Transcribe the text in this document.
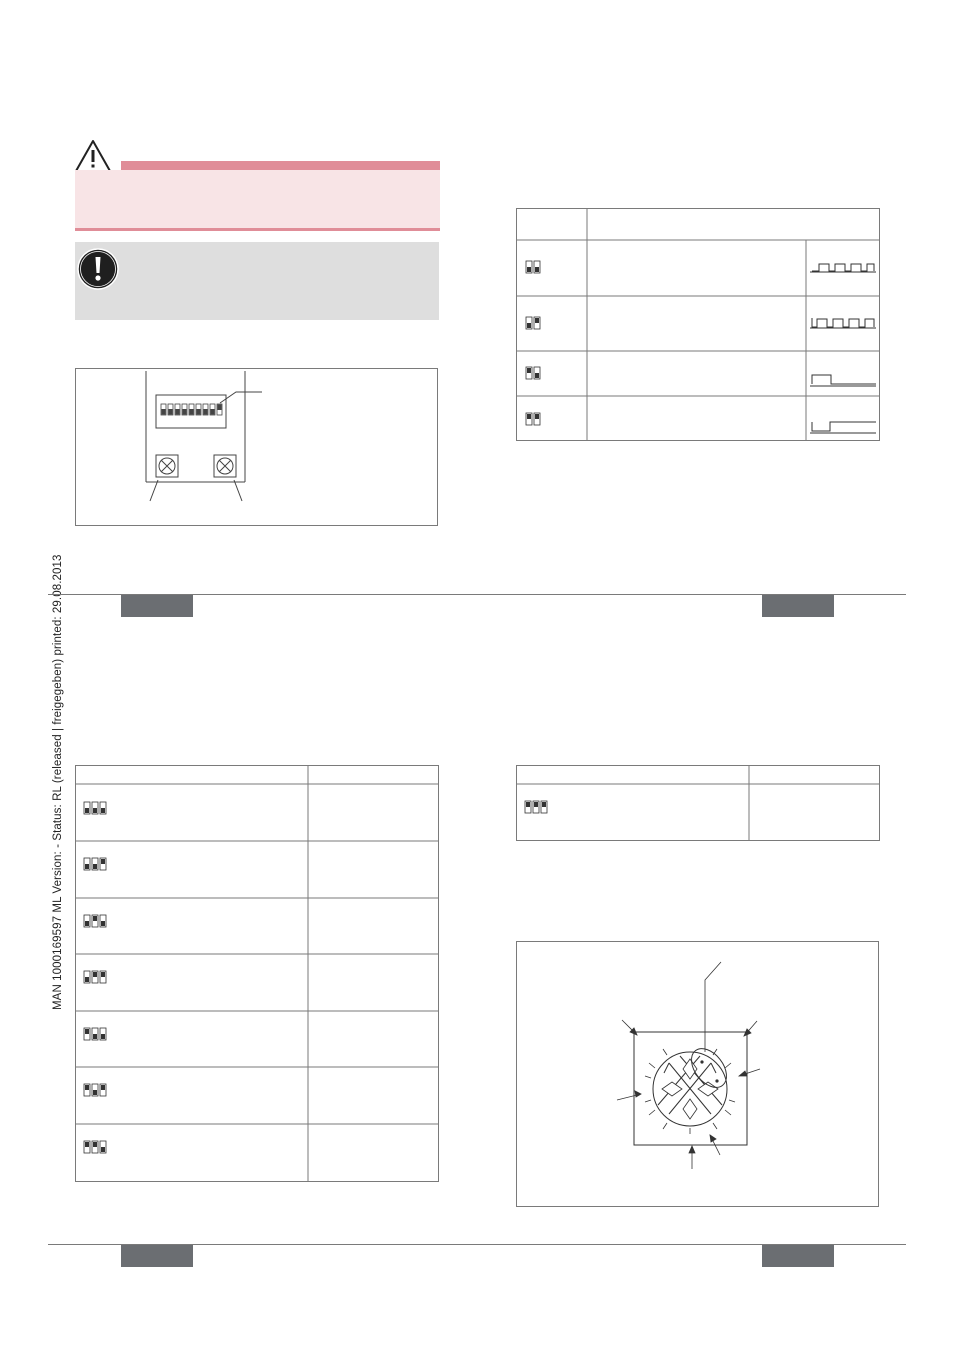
MAN 1000169597 ML Version: - Status: RL (released | freigegeben) printed: 29.08.2013
